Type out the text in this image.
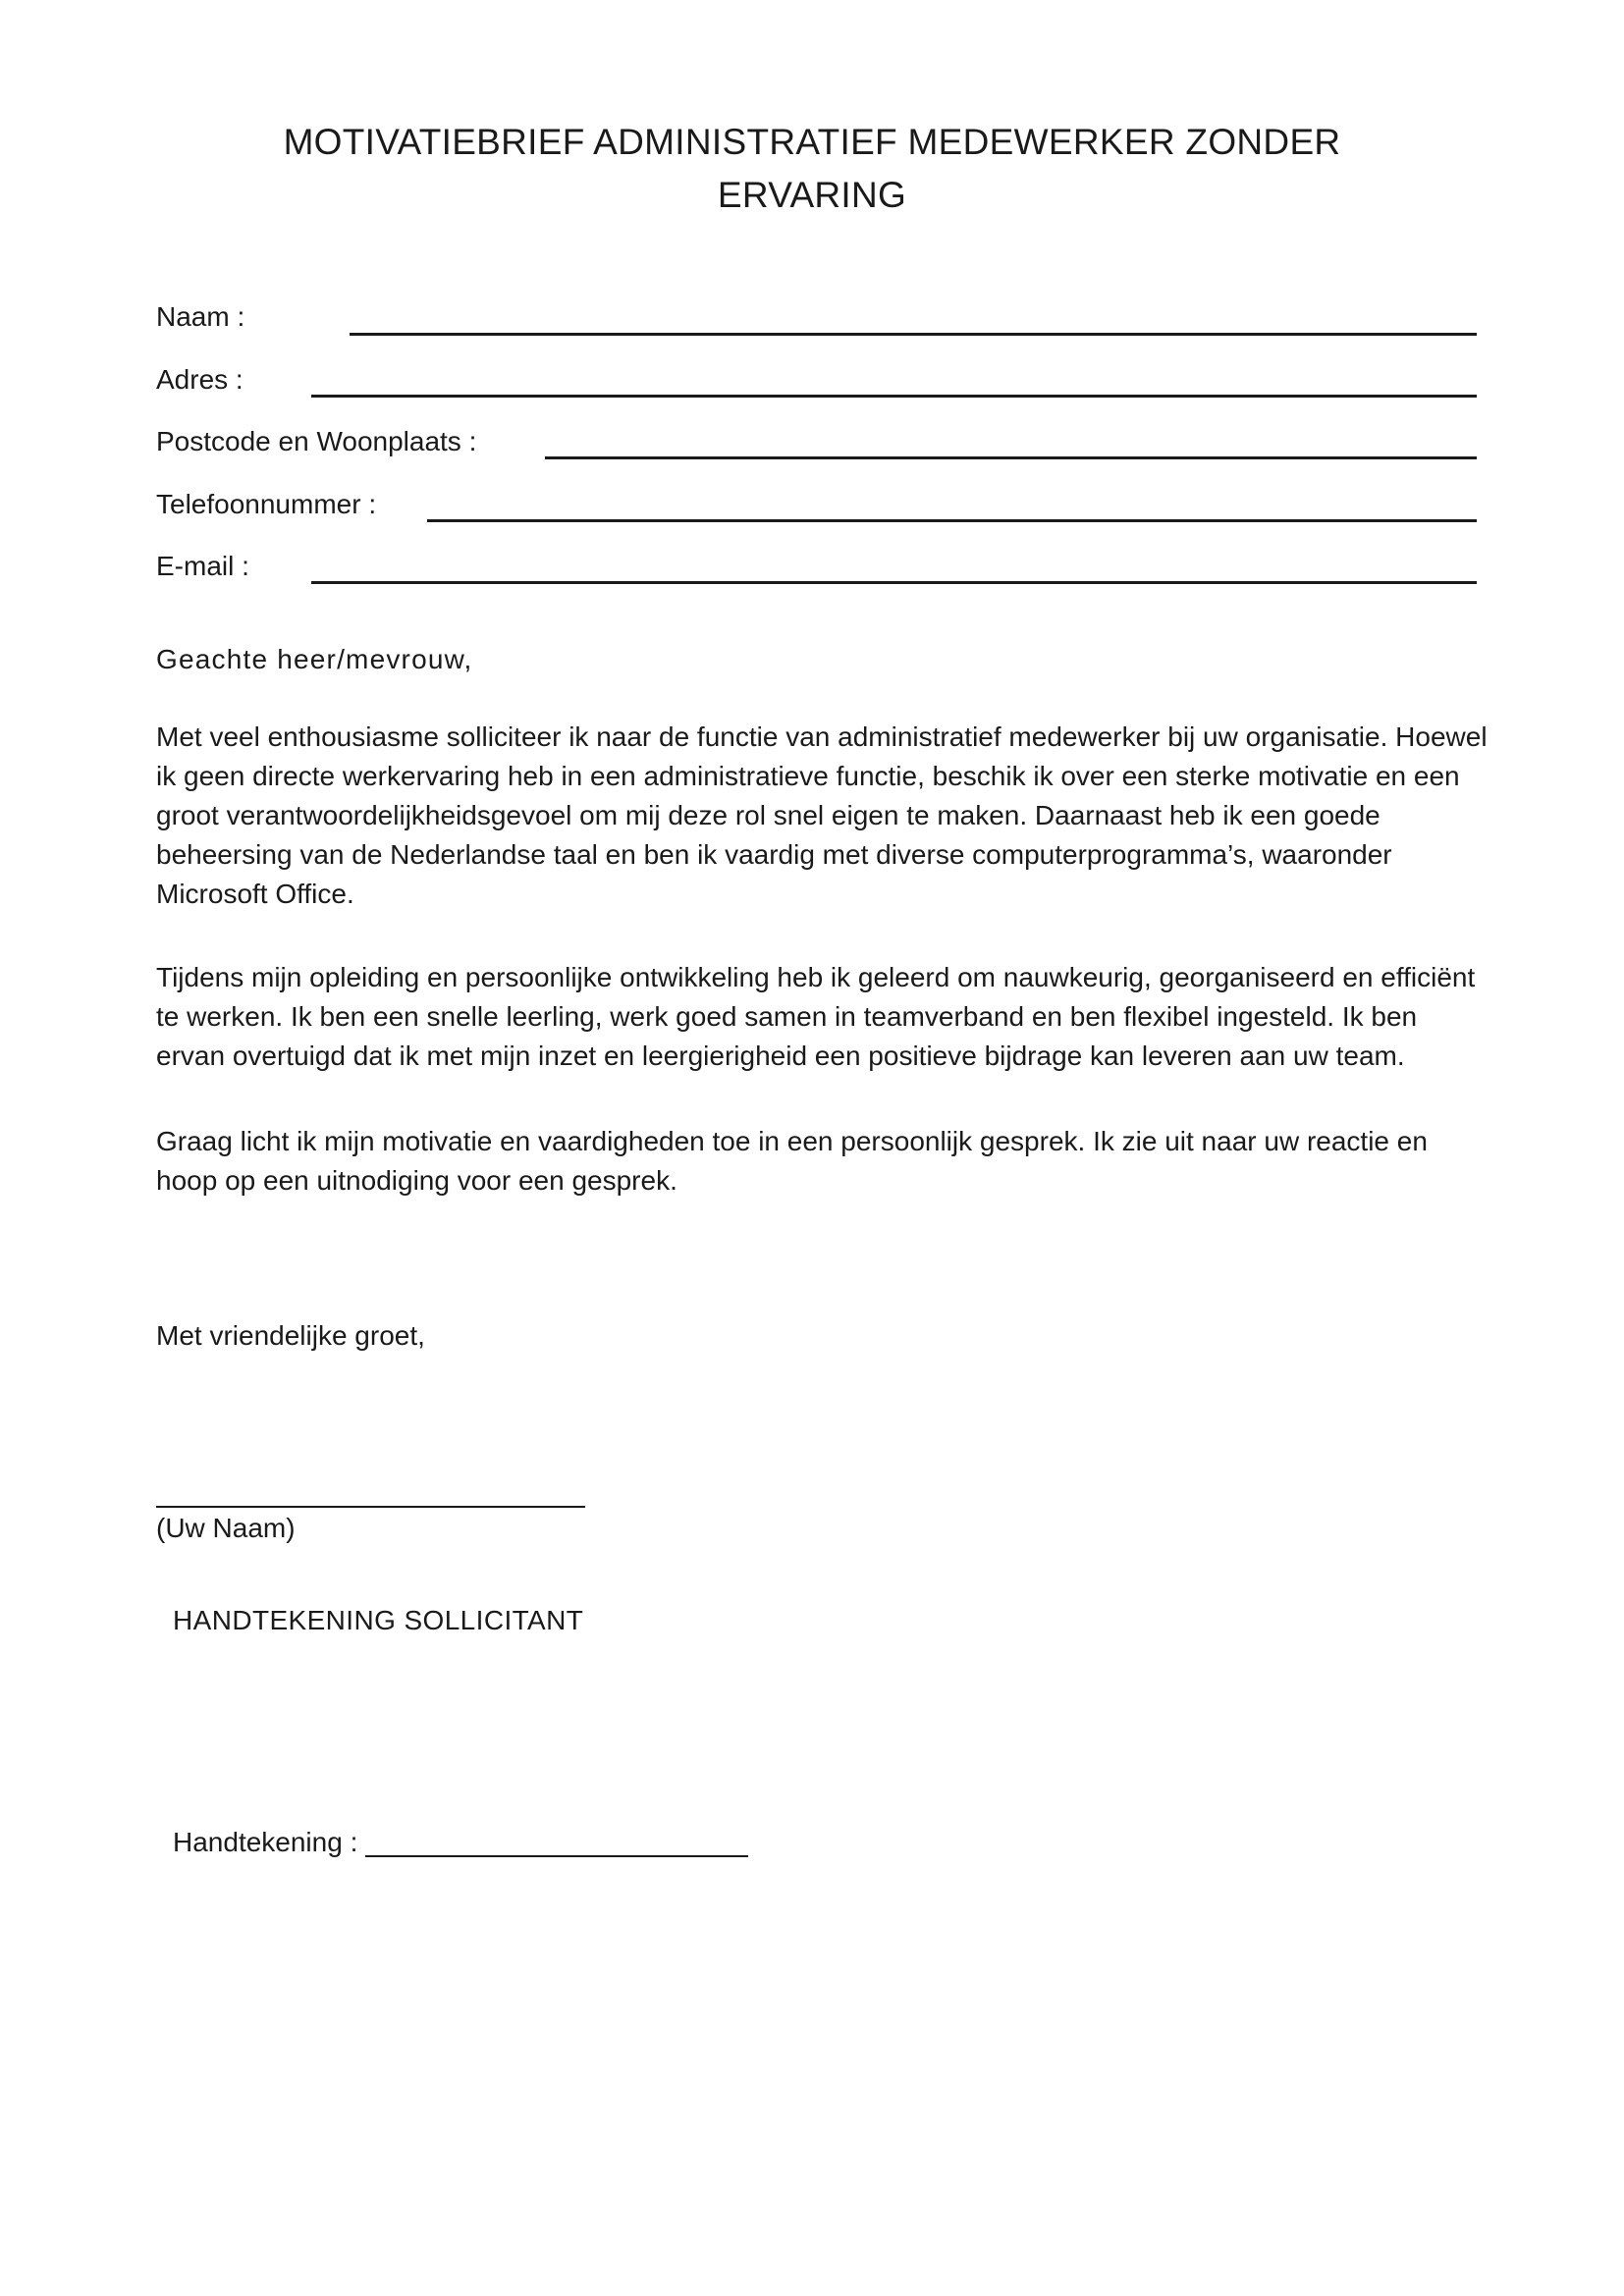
MOTIVATIEBRIEF ADMINISTRATIEF MEDEWERKER ZONDER
ERVARING
Naam :
Adres :
Postcode en Woonplaats :
Telefoonnummer :
E-mail :
Geachte heer/mevrouw,
Met veel enthousiasme solliciteer ik naar de functie van administratief medewerker bij uw organisatie. Hoewel ik geen directe werkervaring heb in een administratieve functie, beschik ik over een sterke motivatie en een groot verantwoordelijkheidsgevoel om mij deze rol snel eigen te maken. Daarnaast heb ik een goede beheersing van de Nederlandse taal en ben ik vaardig met diverse computerprogramma’s, waaronder Microsoft Office.
Tijdens mijn opleiding en persoonlijke ontwikkeling heb ik geleerd om nauwkeurig, georganiseerd en efficiënt te werken. Ik ben een snelle leerling, werk goed samen in teamverband en ben flexibel ingesteld. Ik ben ervan overtuigd dat ik met mijn inzet en leergierigheid een positieve bijdrage kan leveren aan uw team.
Graag licht ik mijn motivatie en vaardigheden toe in een persoonlijk gesprek. Ik zie uit naar uw reactie en hoop op een uitnodiging voor een gesprek.
Met vriendelijke groet,
(Uw Naam)
HANDTEKENING SOLLICITANT
Handtekening :
